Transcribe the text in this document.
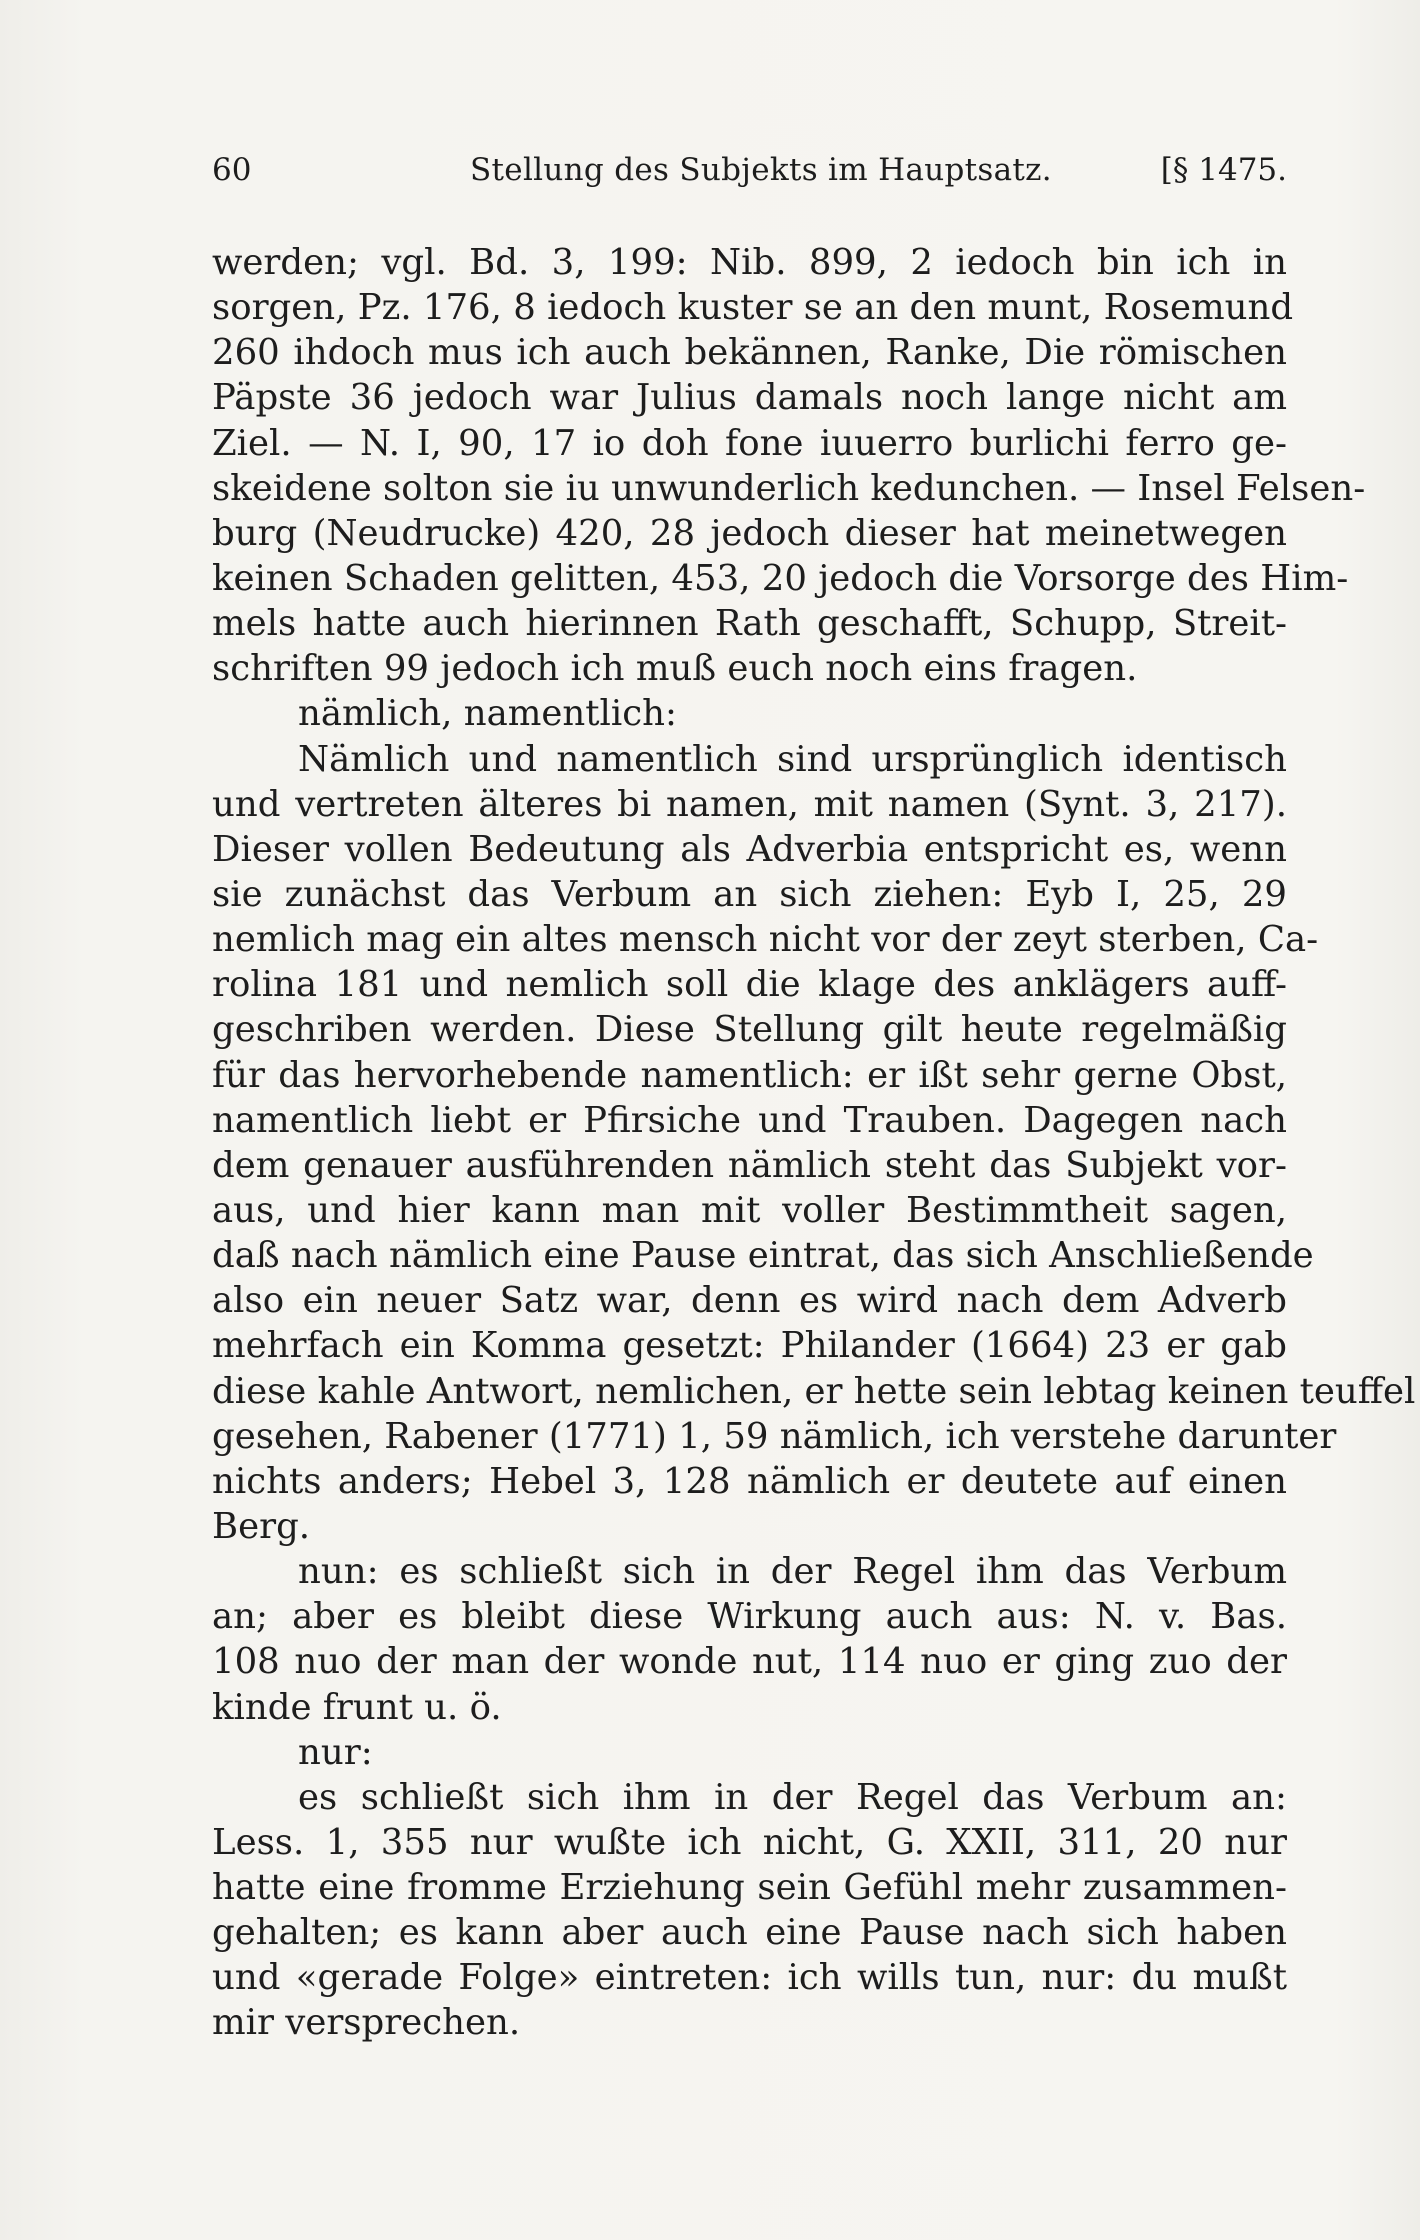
60	Stellung des Subjekts im Hauptsatz.	[§ 1475.
werden; vgl. Bd. 3, 199: Nib. 899, 2 iedoch bin ich in
sorgen, Pz. 176, 8 iedoch kuster se an den munt, Rosemund
260 ihdoch mus ich auch bekännen, Ranke, Die römischen
Päpste 36 jedoch war Julius damals noch lange nicht am
Ziel. — N. I, 90, 17 io doh fone iuuerro burlichi ferro ge-
skeidene solton sie iu unwunderlich kedunchen. — Insel Felsen-
burg (Neudrucke) 420, 28 jedoch dieser hat meinetwegen
keinen Schaden gelitten, 453, 20 jedoch die Vorsorge des Him-
mels hatte auch hierinnen Rath geschafft, Schupp, Streit-
schriften 99 jedoch ich muß euch noch eins fragen.
nämlich, namentlich:
Nämlich und namentlich sind ursprünglich identisch
und vertreten älteres bi namen, mit namen (Synt. 3, 217).
Dieser vollen Bedeutung als Adverbia entspricht es, wenn
sie zunächst das Verbum an sich ziehen: Eyb I, 25, 29
nemlich mag ein altes mensch nicht vor der zeyt sterben, Ca-
rolina 181 und nemlich soll die klage des anklägers auff-
geschriben werden. Diese Stellung gilt heute regelmäßig
für das hervorhebende namentlich: er ißt sehr gerne Obst,
namentlich liebt er Pfirsiche und Trauben. Dagegen nach
dem genauer ausführenden nämlich steht das Subjekt vor-
aus, und hier kann man mit voller Bestimmtheit sagen,
daß nach nämlich eine Pause eintrat, das sich Anschließende
also ein neuer Satz war, denn es wird nach dem Adverb
mehrfach ein Komma gesetzt: Philander (1664) 23 er gab
diese kahle Antwort, nemlichen, er hette sein lebtag keinen teuffel
gesehen, Rabener (1771) 1, 59 nämlich, ich verstehe darunter
nichts anders; Hebel 3, 128 nämlich er deutete auf einen
Berg.
nun: es schließt sich in der Regel ihm das Verbum
an; aber es bleibt diese Wirkung auch aus: N. v. Bas.
108 nuo der man der wonde nut, 114 nuo er ging zuo der
kinde frunt u. ö.
nur:
es schließt sich ihm in der Regel das Verbum an:
Less. 1, 355 nur wußte ich nicht, G. XXII, 311, 20 nur
hatte eine fromme Erziehung sein Gefühl mehr zusammen-
gehalten; es kann aber auch eine Pause nach sich haben
und «gerade Folge» eintreten: ich wills tun, nur: du mußt
mir versprechen.
